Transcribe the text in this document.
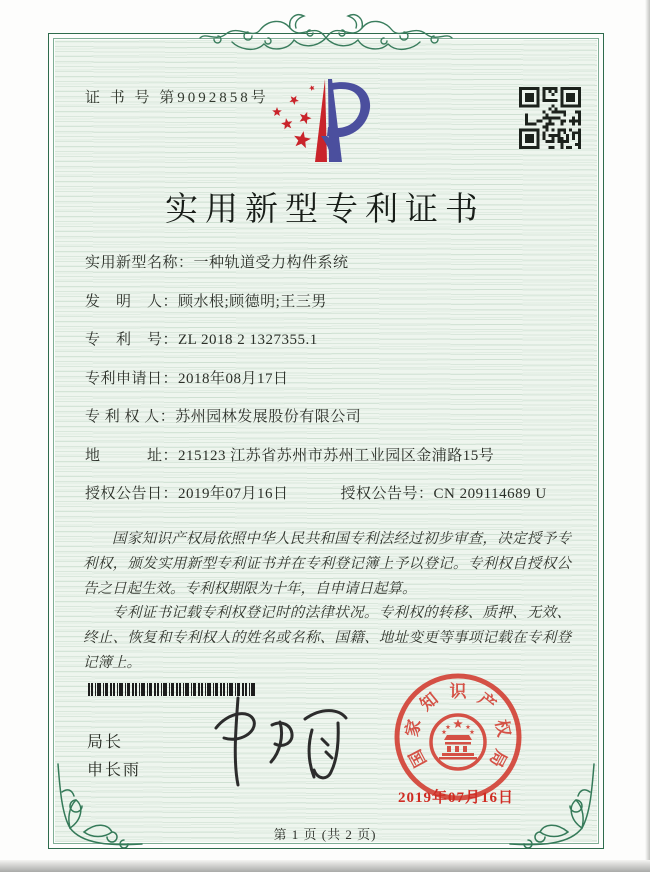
证 书 号 第9092858号
实用新型专利证书
实用新型名称：一种轨道受力构件系统
发　明　人：顾水根;顾德明;王三男
专　利　号：ZL 2018 2 1327355.1
专利申请日：2018年08月17日
专 利 权 人：苏州园林发展股份有限公司
地　　　址：215123 江苏省苏州市苏州工业园区金浦路15号
授权公告日：2019年07月16日	授权公告号：CN 209114689 U

国家知识产权局依照中华人民共和国专利法经过初步审查，决定授予专利权，颁发实用新型专利证书并在专利登记簿上予以登记。专利权自授权公告之日起生效。专利权期限为十年，自申请日起算。

专利证书记载专利权登记时的法律状况。专利权的转移、质押、无效、终止、恢复和专利权人的姓名或名称、国籍、地址变更等事项记载在专利登记簿上。

局长
申长雨
国
家
知 识 产
权
局
2019年07月16日
第 1 页 (共 2 页)
